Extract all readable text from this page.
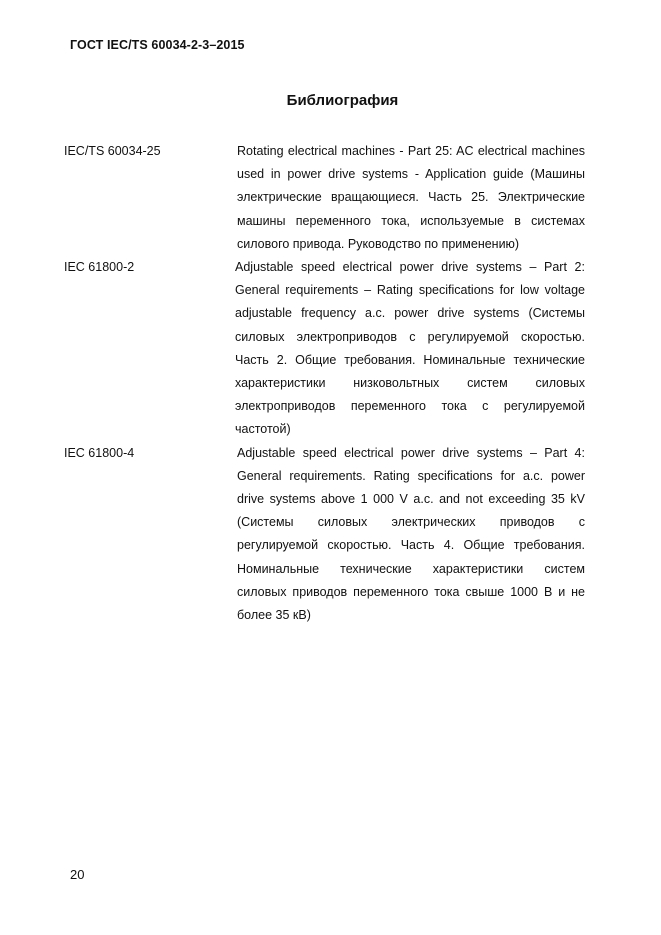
ГОСТ IEC/TS 60034-2-3–2015
Библиография
IEC/TS 60034-25	Rotating electrical machines - Part 25: AC electrical machines used in power drive systems - Application guide (Машины электрические вращающиеся. Часть 25. Электрические машины переменного тока, используемые в системах силового привода. Руководство по применению)
IEC 61800-2	Adjustable speed electrical power drive systems – Part 2: General requirements – Rating specifications for low voltage adjustable frequency a.c. power drive systems (Системы силовых электроприводов с регулируемой скоростью. Часть 2. Общие требования. Номинальные технические характеристики низковольтных систем силовых электроприводов переменного тока с регулируемой частотой)
IEC 61800-4	Adjustable speed electrical power drive systems – Part 4: General requirements. Rating specifications for a.c. power drive systems above 1 000 V a.c. and not exceeding 35 kV (Системы силовых электрических приводов с регулируемой скоростью. Часть 4. Общие требования. Номинальные технические характеристики систем силовых приводов переменного тока свыше 1000 В и не более 35 кВ)
20
